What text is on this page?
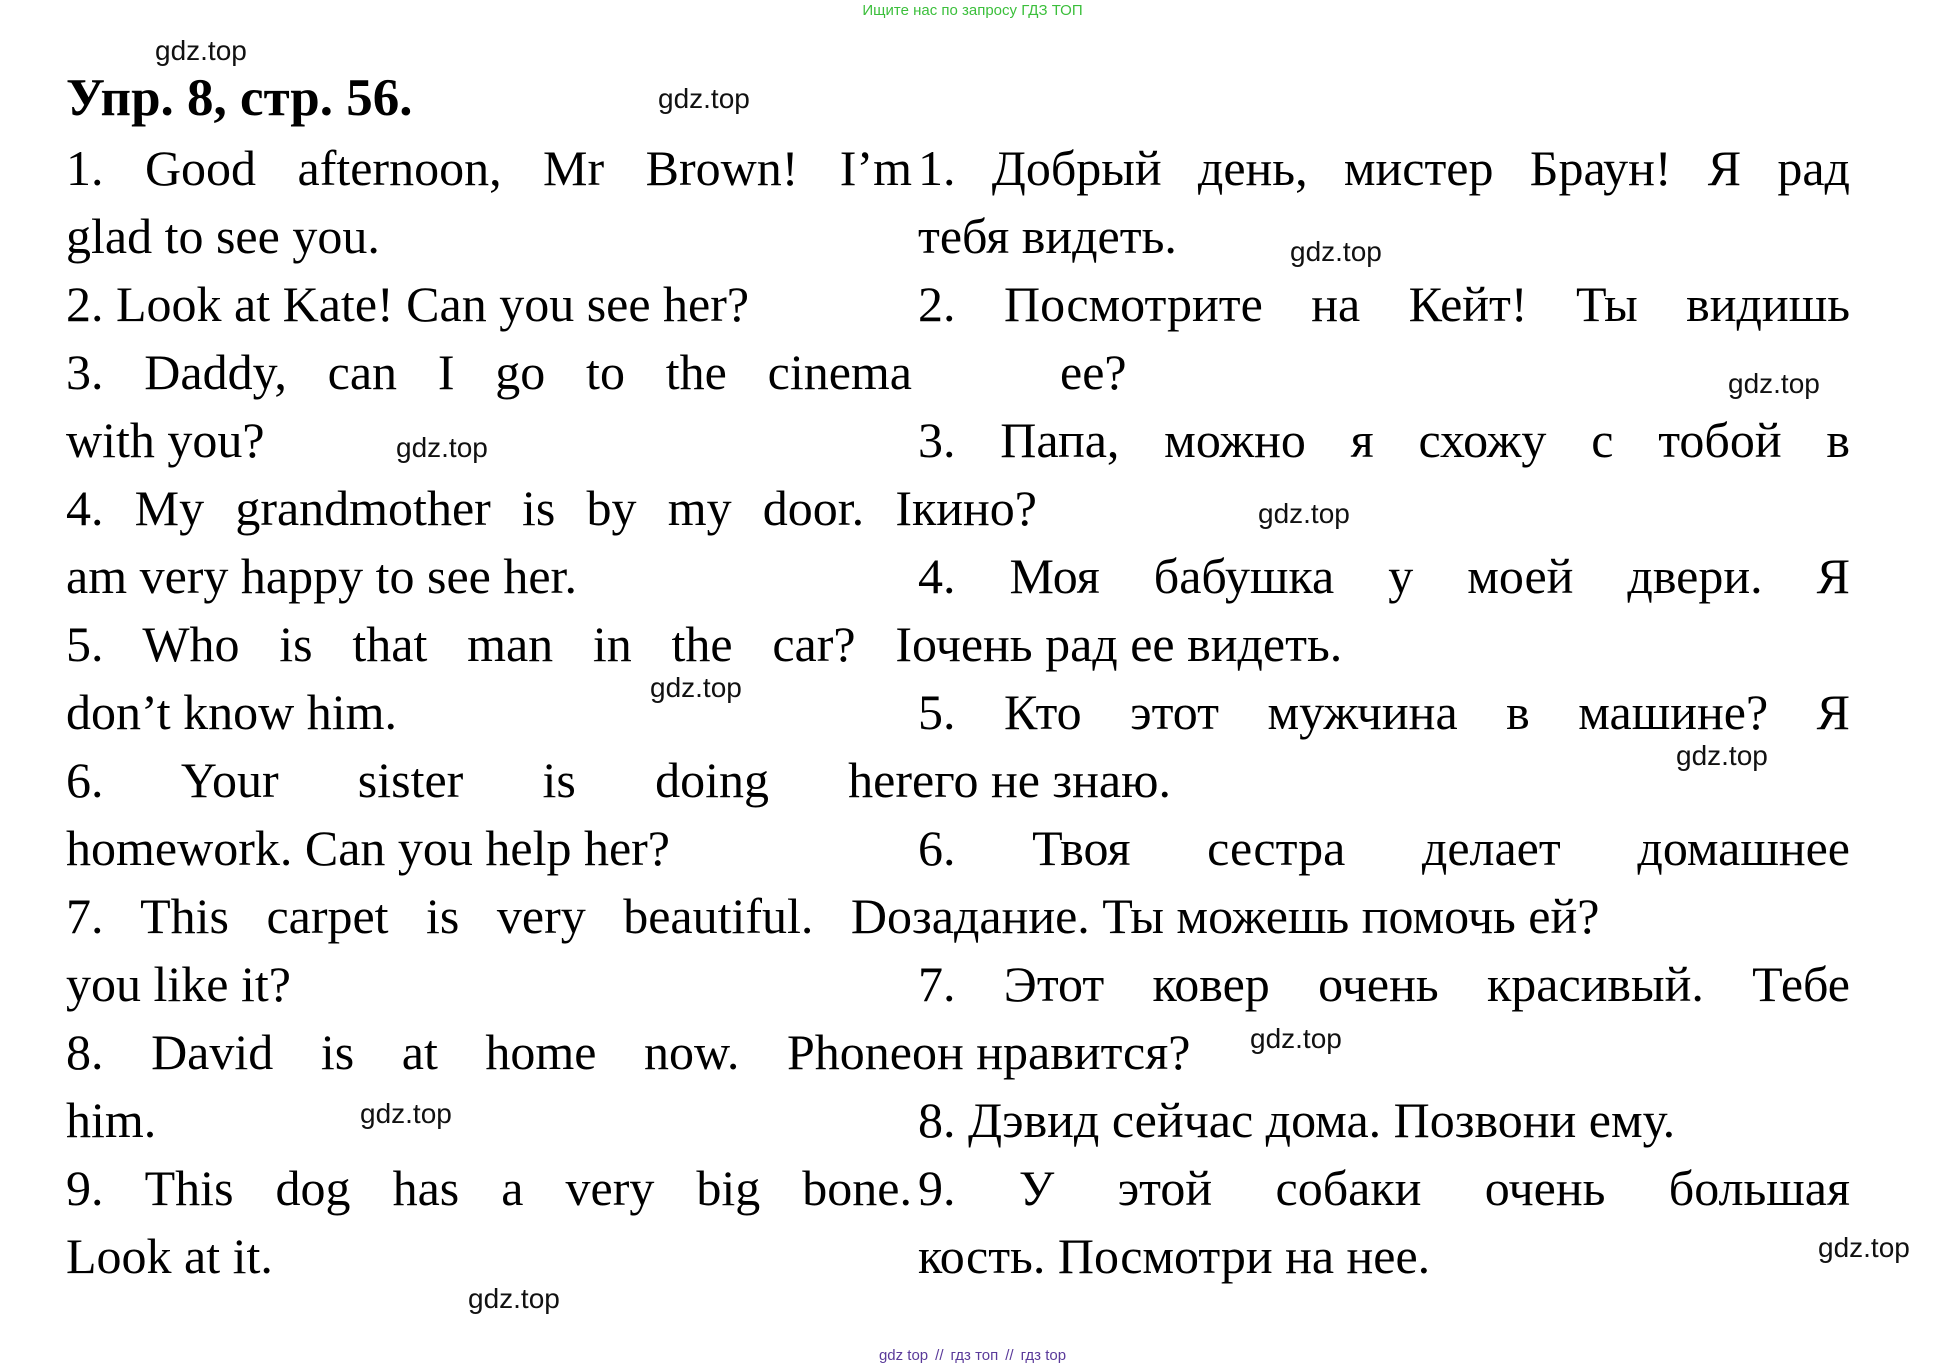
Ищите нас по запросу ГДЗ ТОП
Упр. 8, стр. 56.
1. Good afternoon, Mr Brown! I’m
glad to see you.
2. Look at Kate! Can you see her?
3. Daddy, can I go to the cinema
with you?
4. My grandmother is by my door. I
am very happy to see her.
5. Who is that man in the car? I
don’t know him.
6. Your sister is doing her
homework. Can you help her?
7. This carpet is very beautiful. Do
you like it?
8. David is at home now. Phone
him.
9. This dog has a very big bone.
Look at it.
1. Добрый день, мистер Браун! Я рад
тебя видеть.
2. Посмотрите на Кейт! Ты видишь
ee?
3. Папа, можно я схожу с тобой в
кино?
4. Моя бабушка у моей двери. Я
очень рад ее видеть.
5. Кто этот мужчина в машине? Я
его не знаю.
6. Твоя сестра делает домашнее
задание. Ты можешь помочь ей?
7. Этот ковер очень красивый. Тебе
он нравится?
8. Дэвид сейчас дома. Позвони ему.
9. У этой собаки очень большая
кость. Посмотри на нее.
gdz.top
gdz.top
gdz.top
gdz.top
gdz.top
gdz.top
gdz.top
gdz.top
gdz.top
gdz.top
gdz.top
gdz.top
gdz top // гдз топ // гдз top
